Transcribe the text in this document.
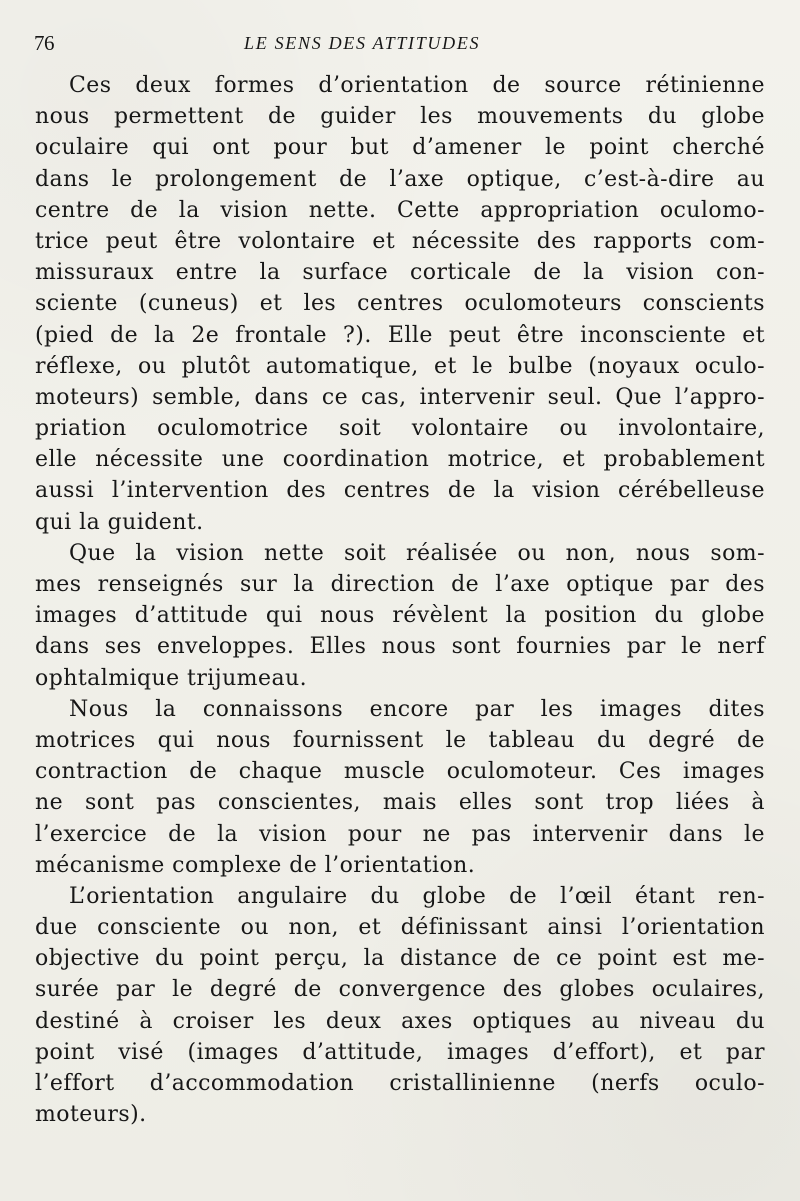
76	LE SENS DES ATTITUDES
Ces deux formes d’orientation de source rétinienne
nous permettent de guider les mouvements du globe
oculaire qui ont pour but d’amener le point cherché
dans le prolongement de l’axe optique, c’est-à-dire au
centre de la vision nette. Cette appropriation oculomo-
trice peut être volontaire et nécessite des rapports com-
missuraux entre la surface corticale de la vision con-
sciente (cuneus) et les centres oculomoteurs conscients
(pied de la 2e frontale ?). Elle peut être inconsciente et
réflexe, ou plutôt automatique, et le bulbe (noyaux oculo-
moteurs) semble, dans ce cas, intervenir seul. Que l’appro-
priation oculomotrice soit volontaire ou involontaire,
elle nécessite une coordination motrice, et probablement
aussi l’intervention des centres de la vision cérébelleuse
qui la guident.
Que la vision nette soit réalisée ou non, nous som-
mes renseignés sur la direction de l’axe optique par des
images d’attitude qui nous révèlent la position du globe
dans ses enveloppes. Elles nous sont fournies par le nerf
ophtalmique trijumeau.
Nous la connaissons encore par les images dites
motrices qui nous fournissent le tableau du degré de
contraction de chaque muscle oculomoteur. Ces images
ne sont pas conscientes, mais elles sont trop liées à
l’exercice de la vision pour ne pas intervenir dans le
mécanisme complexe de l’orientation.
L’orientation angulaire du globe de l’œil étant ren-
due consciente ou non, et définissant ainsi l’orientation
objective du point perçu, la distance de ce point est me-
surée par le degré de convergence des globes oculaires,
destiné à croiser les deux axes optiques au niveau du
point visé (images d’attitude, images d’effort), et par
l’effort d’accommodation cristallinienne (nerfs oculo-
moteurs).
